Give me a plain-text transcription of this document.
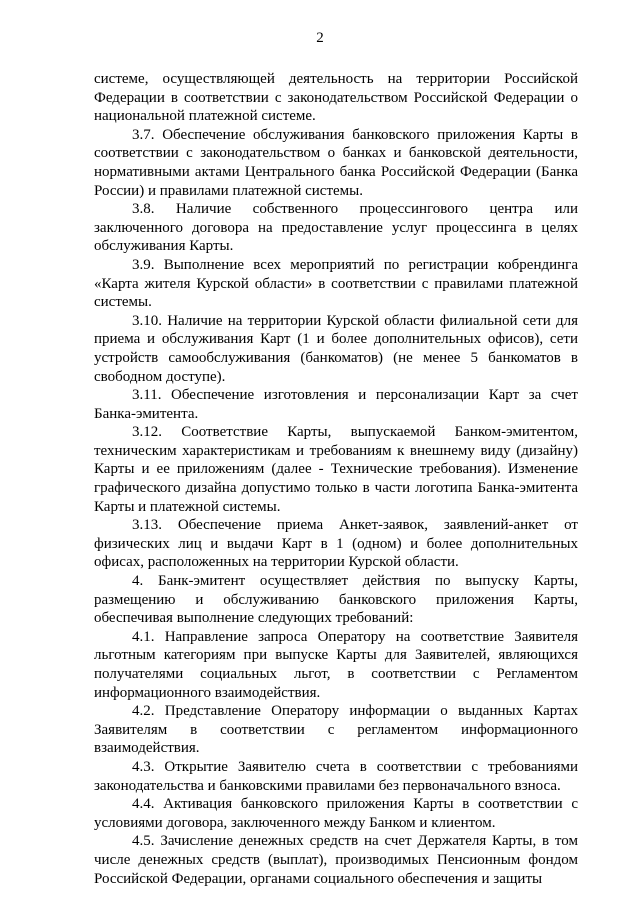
2

системе, осуществляющей деятельность на территории Российской Федерации в соответствии с законодательством Российской Федерации о национальной платежной системе.

3.7. Обеспечение обслуживания банковского приложения Карты в соответствии с законодательством о банках и банковской деятельности, нормативными актами Центрального банка Российской Федерации (Банка России) и правилами платежной системы.

3.8. Наличие собственного процессингового центра или заключенного договора на предоставление услуг процессинга в целях обслуживания Карты.

3.9. Выполнение всех мероприятий по регистрации кобрендинга «Карта жителя Курской области» в соответствии с правилами платежной системы.

3.10. Наличие на территории Курской области филиальной сети для приема и обслуживания Карт (1 и более дополнительных офисов), сети устройств самообслуживания (банкоматов) (не менее 5 банкоматов в свободном доступе).

3.11. Обеспечение изготовления и персонализации Карт за счет Банка-эмитента.

3.12. Соответствие Карты, выпускаемой Банком-эмитентом, техническим характеристикам и требованиям к внешнему виду (дизайну) Карты и ее приложениям (далее - Технические требования). Изменение графического дизайна допустимо только в части логотипа Банка-эмитента Карты и платежной системы.

3.13. Обеспечение приема Анкет-заявок, заявлений-анкет от физических лиц и выдачи Карт в 1 (одном) и более дополнительных офисах, расположенных на территории Курской области.

4. Банк-эмитент осуществляет действия по выпуску Карты, размещению и обслуживанию банковского приложения Карты, обеспечивая выполнение следующих требований:

4.1. Направление запроса Оператору на соответствие Заявителя льготным категориям при выпуске Карты для Заявителей, являющихся получателями социальных льгот, в соответствии с Регламентом информационного взаимодействия.

4.2. Представление Оператору информации о выданных Картах Заявителям в соответствии с регламентом информационного взаимодействия.

4.3. Открытие Заявителю счета в соответствии с требованиями законодательства и банковскими правилами без первоначального взноса.

4.4. Активация банковского приложения Карты в соответствии с условиями договора, заключенного между Банком и клиентом.

4.5. Зачисление денежных средств на счет Держателя Карты, в том числе денежных средств (выплат), производимых Пенсионным фондом Российской Федерации, органами социального обеспечения и защиты
